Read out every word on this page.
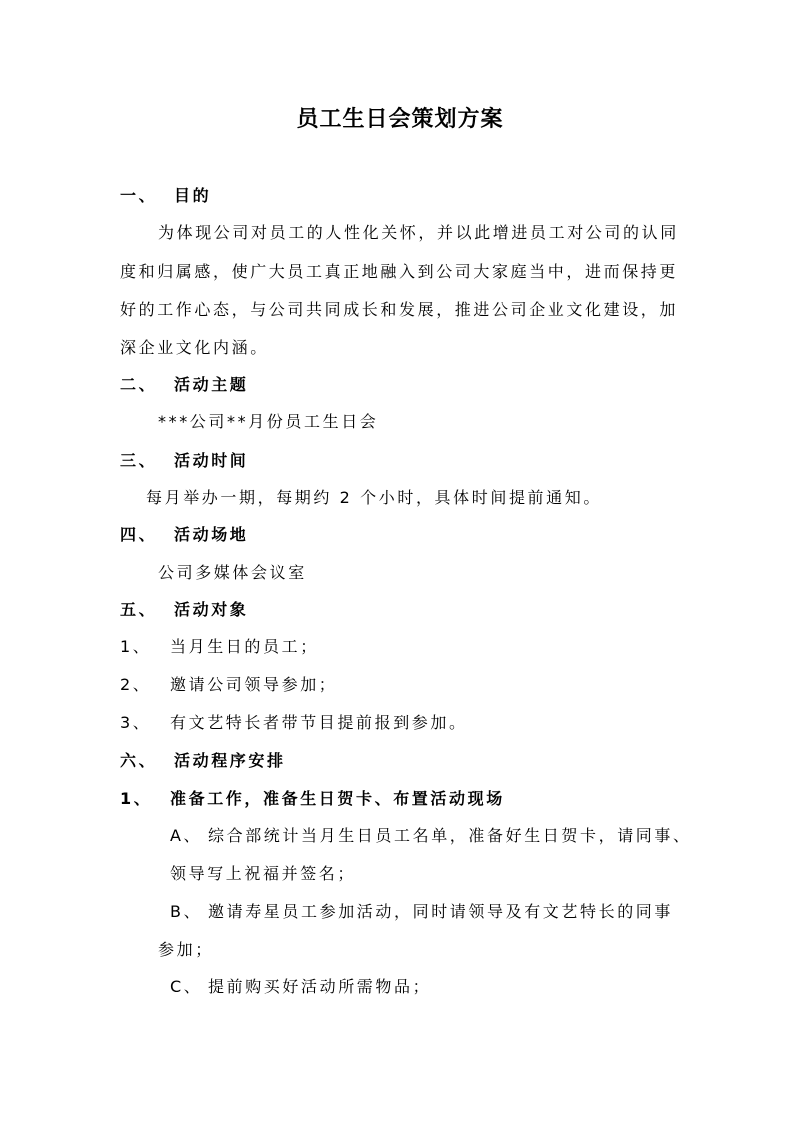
员工生日会策划方案
一、 目的
为体现公司对员工的人性化关怀，并以此增进员工对公司的认同
度和归属感，使广大员工真正地融入到公司大家庭当中，进而保持更
好的工作心态，与公司共同成长和发展，推进公司企业文化建设，加
深企业文化内涵。
二、 活动主题
***公司**月份员工生日会
三、 活动时间
每月举办一期，每期约 2 个小时，具体时间提前通知。
四、 活动场地
公司多媒体会议室
五、 活动对象
1、 当月生日的员工；
2、 邀请公司领导参加；
3、 有文艺特长者带节目提前报到参加。
六、 活动程序安排
1、 准备工作，准备生日贺卡、布置活动现场
A、 综合部统计当月生日员工名单，准备好生日贺卡，请同事、
领导写上祝福并签名；
B、 邀请寿星员工参加活动，同时请领导及有文艺特长的同事
参加；
C、 提前购买好活动所需物品；
